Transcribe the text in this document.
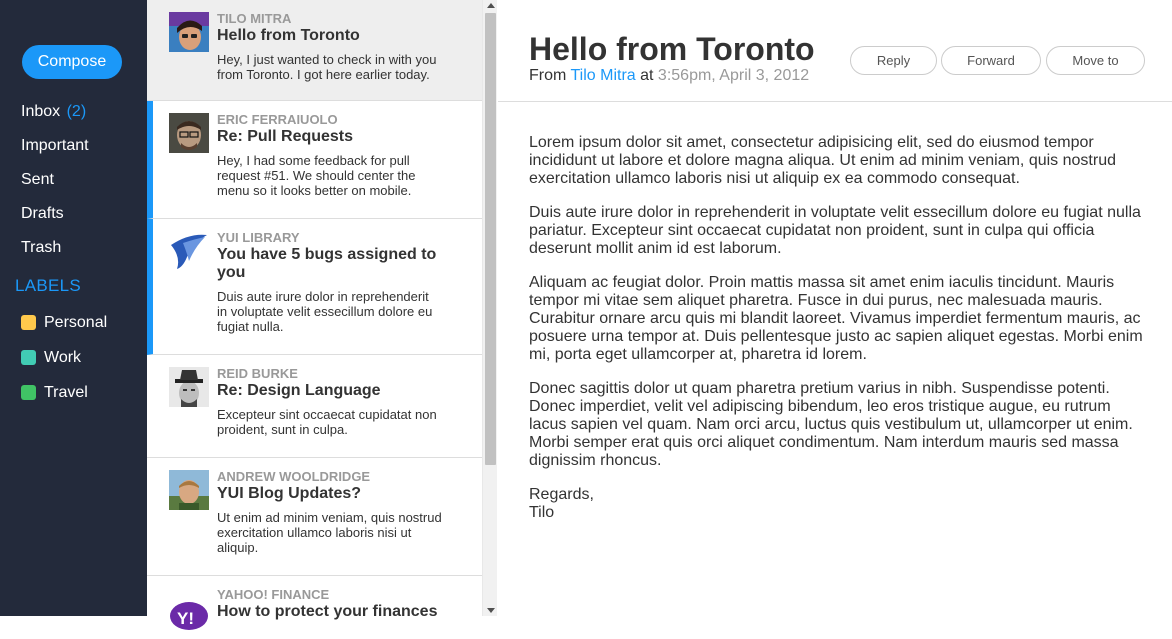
Compose
Inbox (2)
Important
Sent
Drafts
Trash
LABELS
Personal
Work
Travel
TILO MITRA
Hello from Toronto
Hey, I just wanted to check in with you from Toronto. I got here earlier today.
ERIC FERRAIUOLO
Re: Pull Requests
Hey, I had some feedback for pull request #51. We should center the menu so it looks better on mobile.
YUI LIBRARY
You have 5 bugs assigned to you
Duis aute irure dolor in reprehenderit in voluptate velit essecillum dolore eu fugiat nulla.
REID BURKE
Re: Design Language
Excepteur sint occaecat cupidatat non proident, sunt in culpa.
ANDREW WOOLDRIDGE
YUI Blog Updates?
Ut enim ad minim veniam, quis nostrud exercitation ullamco laboris nisi ut aliquip.
Y!
YAHOO! FINANCE
How to protect your finances
Hello from Toronto
From Tilo Mitra at 3:56pm, April 3, 2012
Reply	Forward	Move to

Lorem ipsum dolor sit amet, consectetur adipisicing elit, sed do eiusmod tempor incididunt ut labore et dolore magna aliqua. Ut enim ad minim veniam, quis nostrud exercitation ullamco laboris nisi ut aliquip ex ea commodo consequat.

Duis aute irure dolor in reprehenderit in voluptate velit essecillum dolore eu fugiat nulla pariatur. Excepteur sint occaecat cupidatat non proident, sunt in culpa qui officia deserunt mollit anim id est laborum.

Aliquam ac feugiat dolor. Proin mattis massa sit amet enim iaculis tincidunt. Mauris tempor mi vitae sem aliquet pharetra. Fusce in dui purus, nec malesuada mauris. Curabitur ornare arcu quis mi blandit laoreet. Vivamus imperdiet fermentum mauris, ac posuere urna tempor at. Duis pellentesque justo ac sapien aliquet egestas. Morbi enim mi, porta eget ullamcorper at, pharetra id lorem.

Donec sagittis dolor ut quam pharetra pretium varius in nibh. Suspendisse potenti. Donec imperdiet, velit vel adipiscing bibendum, leo eros tristique augue, eu rutrum lacus sapien vel quam. Nam orci arcu, luctus quis vestibulum ut, ullamcorper ut enim. Morbi semper erat quis orci aliquet condimentum. Nam interdum mauris sed massa dignissim rhoncus.

Regards,
Tilo
